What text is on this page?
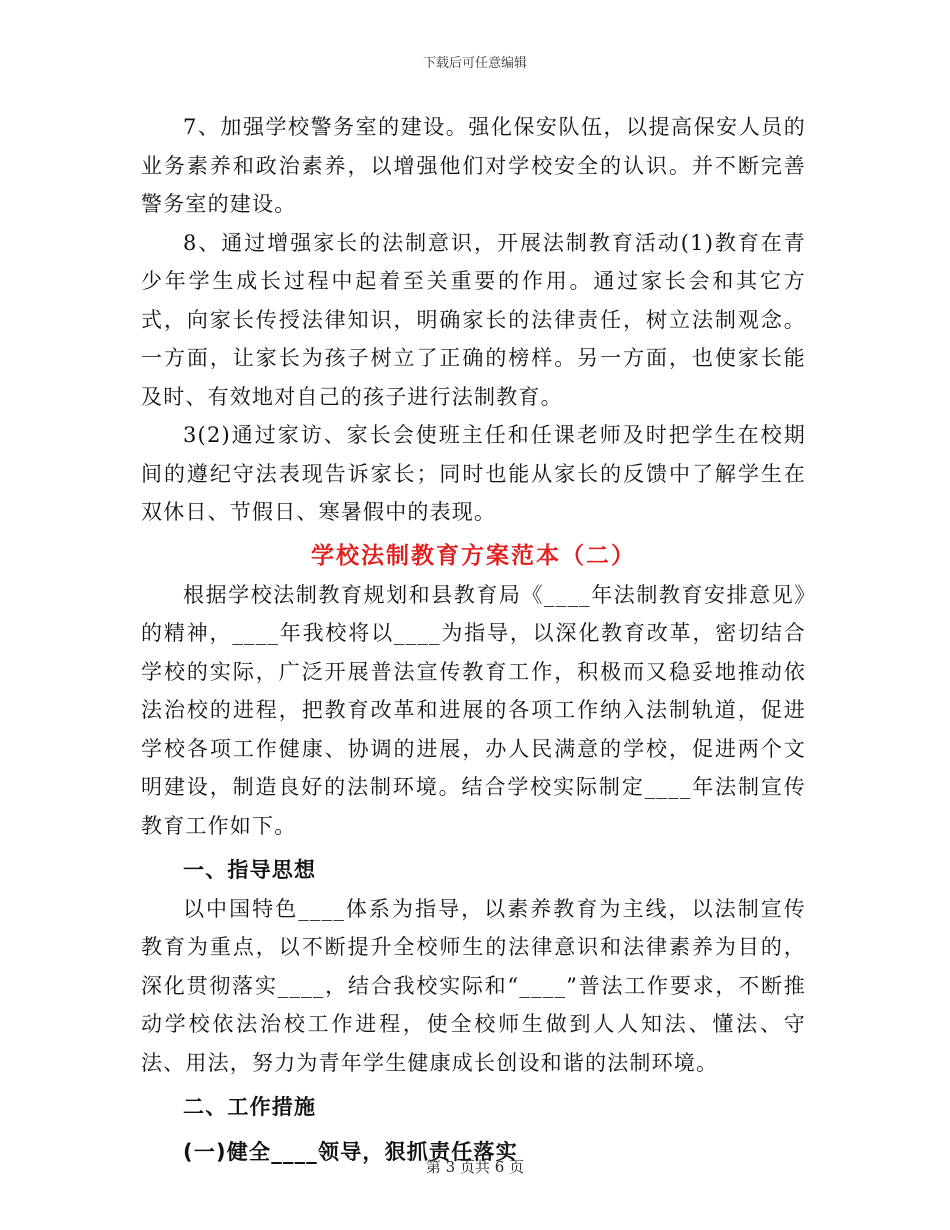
下载后可任意编辑

7、加强学校警务室的建设。强化保安队伍，以提高保安人员的业务素养和政治素养，以增强他们对学校安全的认识。并不断完善警务室的建设。

8、通过增强家长的法制意识，开展法制教育活动(1)教育在青少年学生成长过程中起着至关重要的作用。通过家长会和其它方式，向家长传授法律知识，明确家长的法律责任，树立法制观念。一方面，让家长为孩子树立了正确的榜样。另一方面，也使家长能及时、有效地对自己的孩子进行法制教育。

3(2)通过家访、家长会使班主任和任课老师及时把学生在校期间的遵纪守法表现告诉家长；同时也能从家长的反馈中了解学生在双休日、节假日、寒暑假中的表现。

学校法制教育方案范本（二）

根据学校法制教育规划和县教育局《____年法制教育安排意见》的精神，____年我校将以____为指导，以深化教育改革，密切结合学校的实际，广泛开展普法宣传教育工作，积极而又稳妥地推动依法治校的进程，把教育改革和进展的各项工作纳入法制轨道，促进学校各项工作健康、协调的进展，办人民满意的学校，促进两个文明建设，制造良好的法制环境。结合学校实际制定____年法制宣传教育工作如下。

一、指导思想

以中国特色____体系为指导，以素养教育为主线，以法制宣传教育为重点，以不断提升全校师生的法律意识和法律素养为目的，深化贯彻落实____，结合我校实际和“____”普法工作要求，不断推动学校依法治校工作进程，使全校师生做到人人知法、懂法、守法、用法，努力为青年学生健康成长创设和谐的法制环境。

二、工作措施

(一)健全____领导，狠抓责任落实

第 3 页共 6 页
